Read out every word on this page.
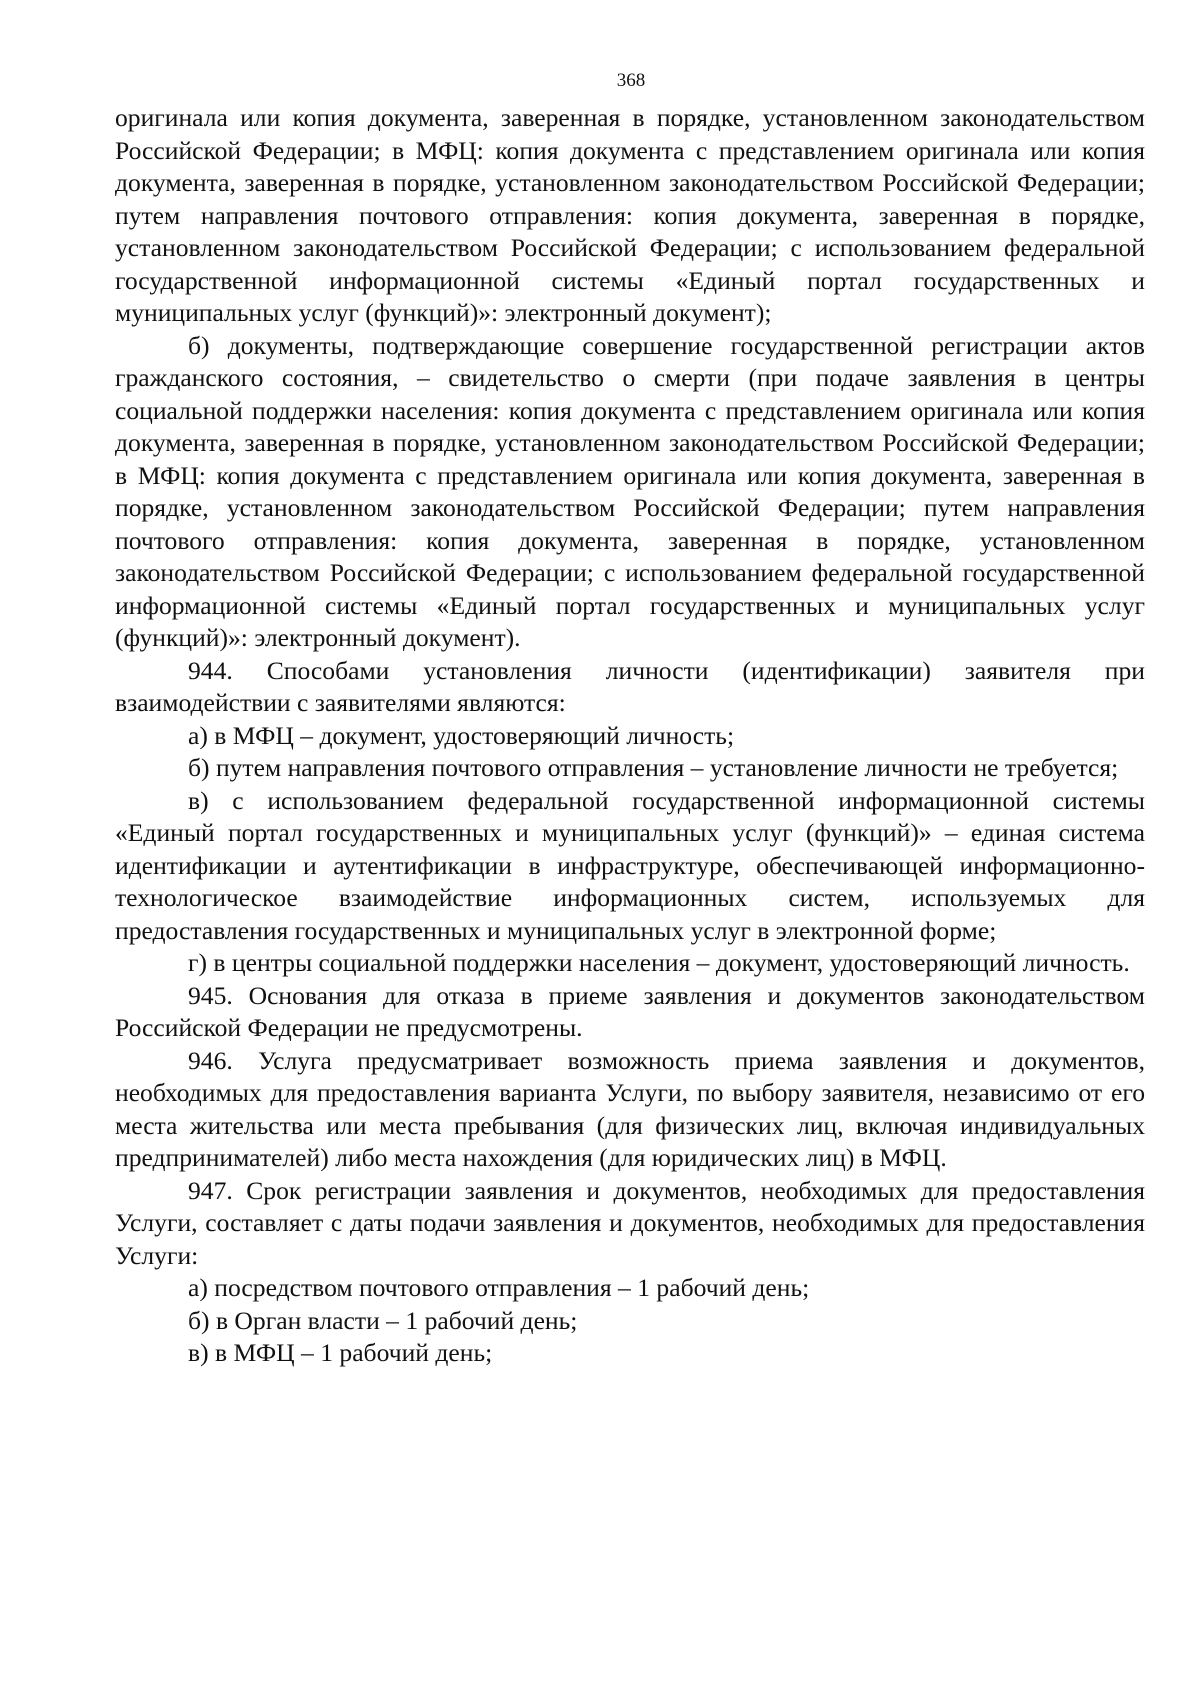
368

оригинала или копия документа, заверенная в порядке, установленном законодательством Российской Федерации; в МФЦ: копия документа с представлением оригинала или копия документа, заверенная в порядке, установленном законодательством Российской Федерации; путем направления почтового отправления: копия документа, заверенная в порядке, установленном законодательством Российской Федерации; с использованием федеральной государственной информационной системы «Единый портал государственных и муниципальных услуг (функций)»: электронный документ);

б) документы, подтверждающие совершение государственной регистрации актов гражданского состояния, – свидетельство о смерти (при подаче заявления в центры социальной поддержки населения: копия документа с представлением оригинала или копия документа, заверенная в порядке, установленном законодательством Российской Федерации; в МФЦ: копия документа с представлением оригинала или копия документа, заверенная в порядке, установленном законодательством Российской Федерации; путем направления почтового отправления: копия документа, заверенная в порядке, установленном законодательством Российской Федерации; с использованием федеральной государственной информационной системы «Единый портал государственных и муниципальных услуг (функций)»: электронный документ).

944. Способами установления личности (идентификации) заявителя при взаимодействии с заявителями являются:

а) в МФЦ – документ, удостоверяющий личность;

б) путем направления почтового отправления – установление личности не требуется;

в) с использованием федеральной государственной информационной системы «Единый портал государственных и муниципальных услуг (функций)» – единая система идентификации и аутентификации в инфраструктуре, обеспечивающей информационно-технологическое взаимодействие информационных систем, используемых для предоставления государственных и муниципальных услуг в электронной форме;

г) в центры социальной поддержки населения – документ, удостоверяющий личность.

945. Основания для отказа в приеме заявления и документов законодательством Российской Федерации не предусмотрены.

946. Услуга предусматривает возможность приема заявления и документов, необходимых для предоставления варианта Услуги, по выбору заявителя, независимо от его места жительства или места пребывания (для физических лиц, включая индивидуальных предпринимателей) либо места нахождения (для юридических лиц) в МФЦ.

947. Срок регистрации заявления и документов, необходимых для предоставления Услуги, составляет с даты подачи заявления и документов, необходимых для предоставления Услуги:

а) посредством почтового отправления – 1 рабочий день;

б) в Орган власти – 1 рабочий день;

в) в МФЦ – 1 рабочий день;
